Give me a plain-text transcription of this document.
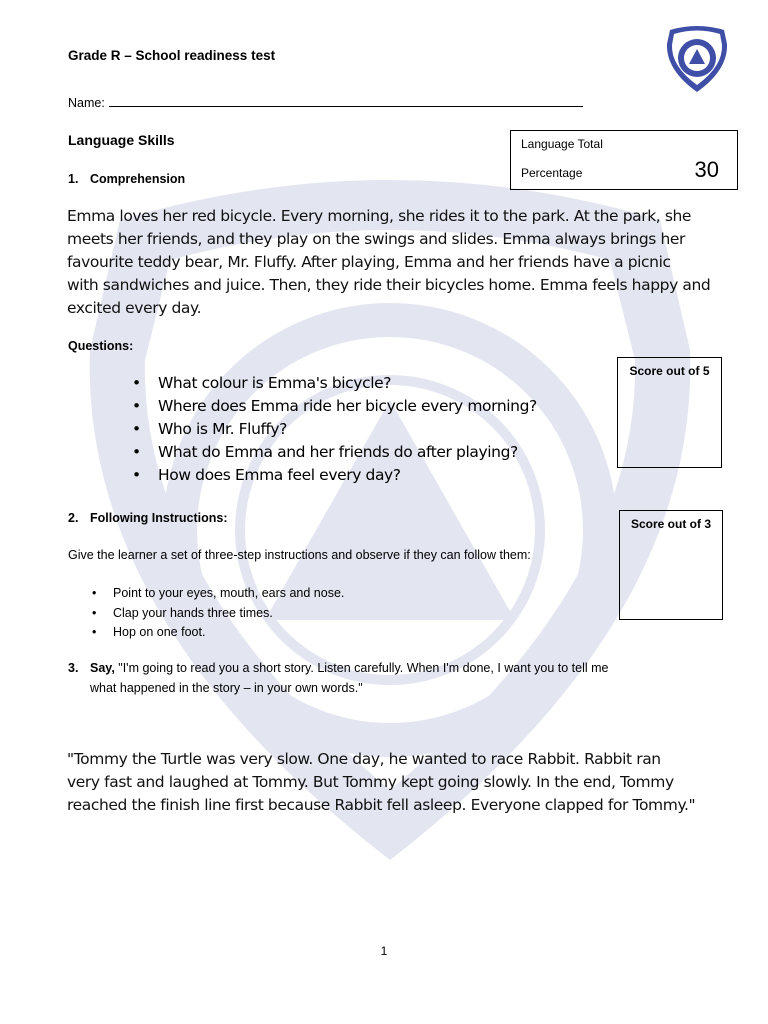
Grade R – School readiness test
Name:
Language Skills	Language Total
Percentage	30
1. Comprehension
Emma loves her red bicycle. Every morning, she rides it to the park. At the park, she
meets her friends, and they play on the swings and slides. Emma always brings her
favourite teddy bear, Mr. Fluffy. After playing, Emma and her friends have a picnic
with sandwiches and juice. Then, they ride their bicycles home. Emma feels happy and
excited every day.
Questions:
• What colour is Emma's bicycle?
• Where does Emma ride her bicycle every morning?
• Who is Mr. Fluffy?
• What do Emma and her friends do after playing?
• How does Emma feel every day?
Score out of 5
2. Following Instructions:	Score out of 3
Give the learner a set of three-step instructions and observe if they can follow them:
• Point to your eyes, mouth, ears and nose.
• Clap your hands three times.
• Hop on one foot.
3. Say, "I'm going to read you a short story. Listen carefully. When I'm done, I want you to tell me
what happened in the story – in your own words."
"Tommy the Turtle was very slow. One day, he wanted to race Rabbit. Rabbit ran
very fast and laughed at Tommy. But Tommy kept going slowly. In the end, Tommy
reached the finish line first because Rabbit fell asleep. Everyone clapped for Tommy."
1
